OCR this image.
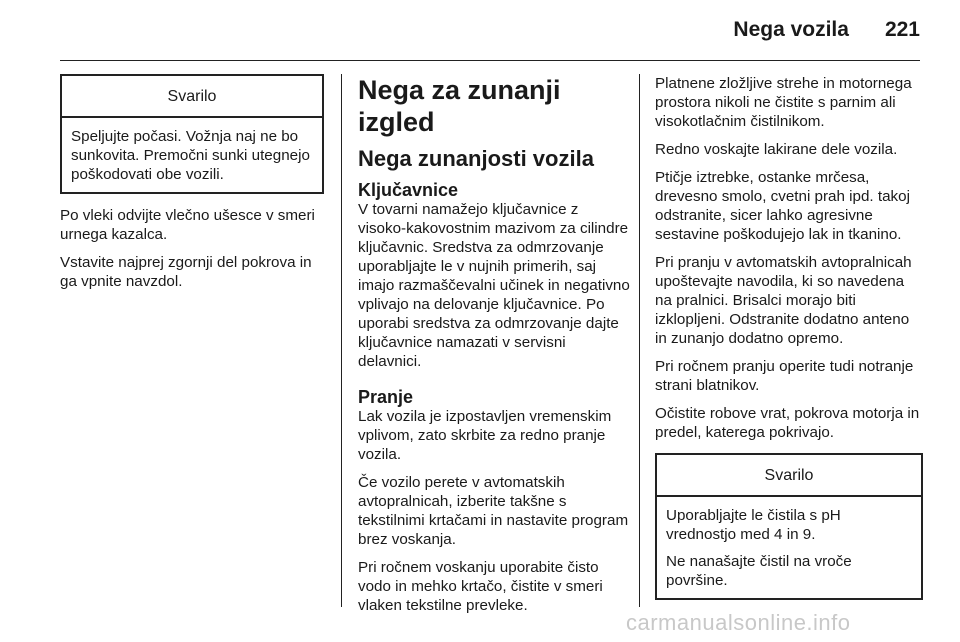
Nega vozila 221
Svarilo

Speljujte počasi. Vožnja naj ne bo sunkovita. Premočni sunki utegnejo poškodovati obe vozili.

Po vleki odvijte vlečno ušesce v smeri urnega kazalca.

Vstavite najprej zgornji del pokrova in ga vpnite navzdol.

Nega za zunanji izgled
Nega zunanjosti vozila
Ključavnice

V tovarni namažejo ključavnice z visoko-kakovostnim mazivom za cilindre ključavnic. Sredstva za odmrzovanje uporabljajte le v nujnih primerih, saj imajo razmaščevalni učinek in negativno vplivajo na delovanje ključavnice. Po uporabi sredstva za odmrzovanje dajte ključavnice namazati v servisni delavnici.

Pranje

Lak vozila je izpostavljen vremenskim vplivom, zato skrbite za redno pranje vozila.

Če vozilo perete v avtomatskih avtopralnicah, izberite takšne s tekstilnimi krtačami in nastavite program brez voskanja.

Pri ročnem voskanju uporabite čisto vodo in mehko krtačo, čistite v smeri vlaken tekstilne prevleke.

Platnene zložljive strehe in motornega prostora nikoli ne čistite s parnim ali visokotlačnim čistilnikom.

Redno voskajte lakirane dele vozila.

Ptičje iztrebke, ostanke mrčesa, drevesno smolo, cvetni prah ipd. takoj odstranite, sicer lahko agresivne sestavine poškodujejo lak in tkanino.

Pri pranju v avtomatskih avtopralnicah upoštevajte navodila, ki so navedena na pralnici. Brisalci morajo biti izklopljeni. Odstranite dodatno anteno in zunanjo dodatno opremo.

Pri ročnem pranju operite tudi notranje strani blatnikov.

Očistite robove vrat, pokrova motorja in predel, katerega pokrivajo.

Svarilo

Uporabljajte le čistila s pH vrednostjo med 4 in 9.

Ne nanašajte čistil na vroče površine.

carmanualsonline.info
